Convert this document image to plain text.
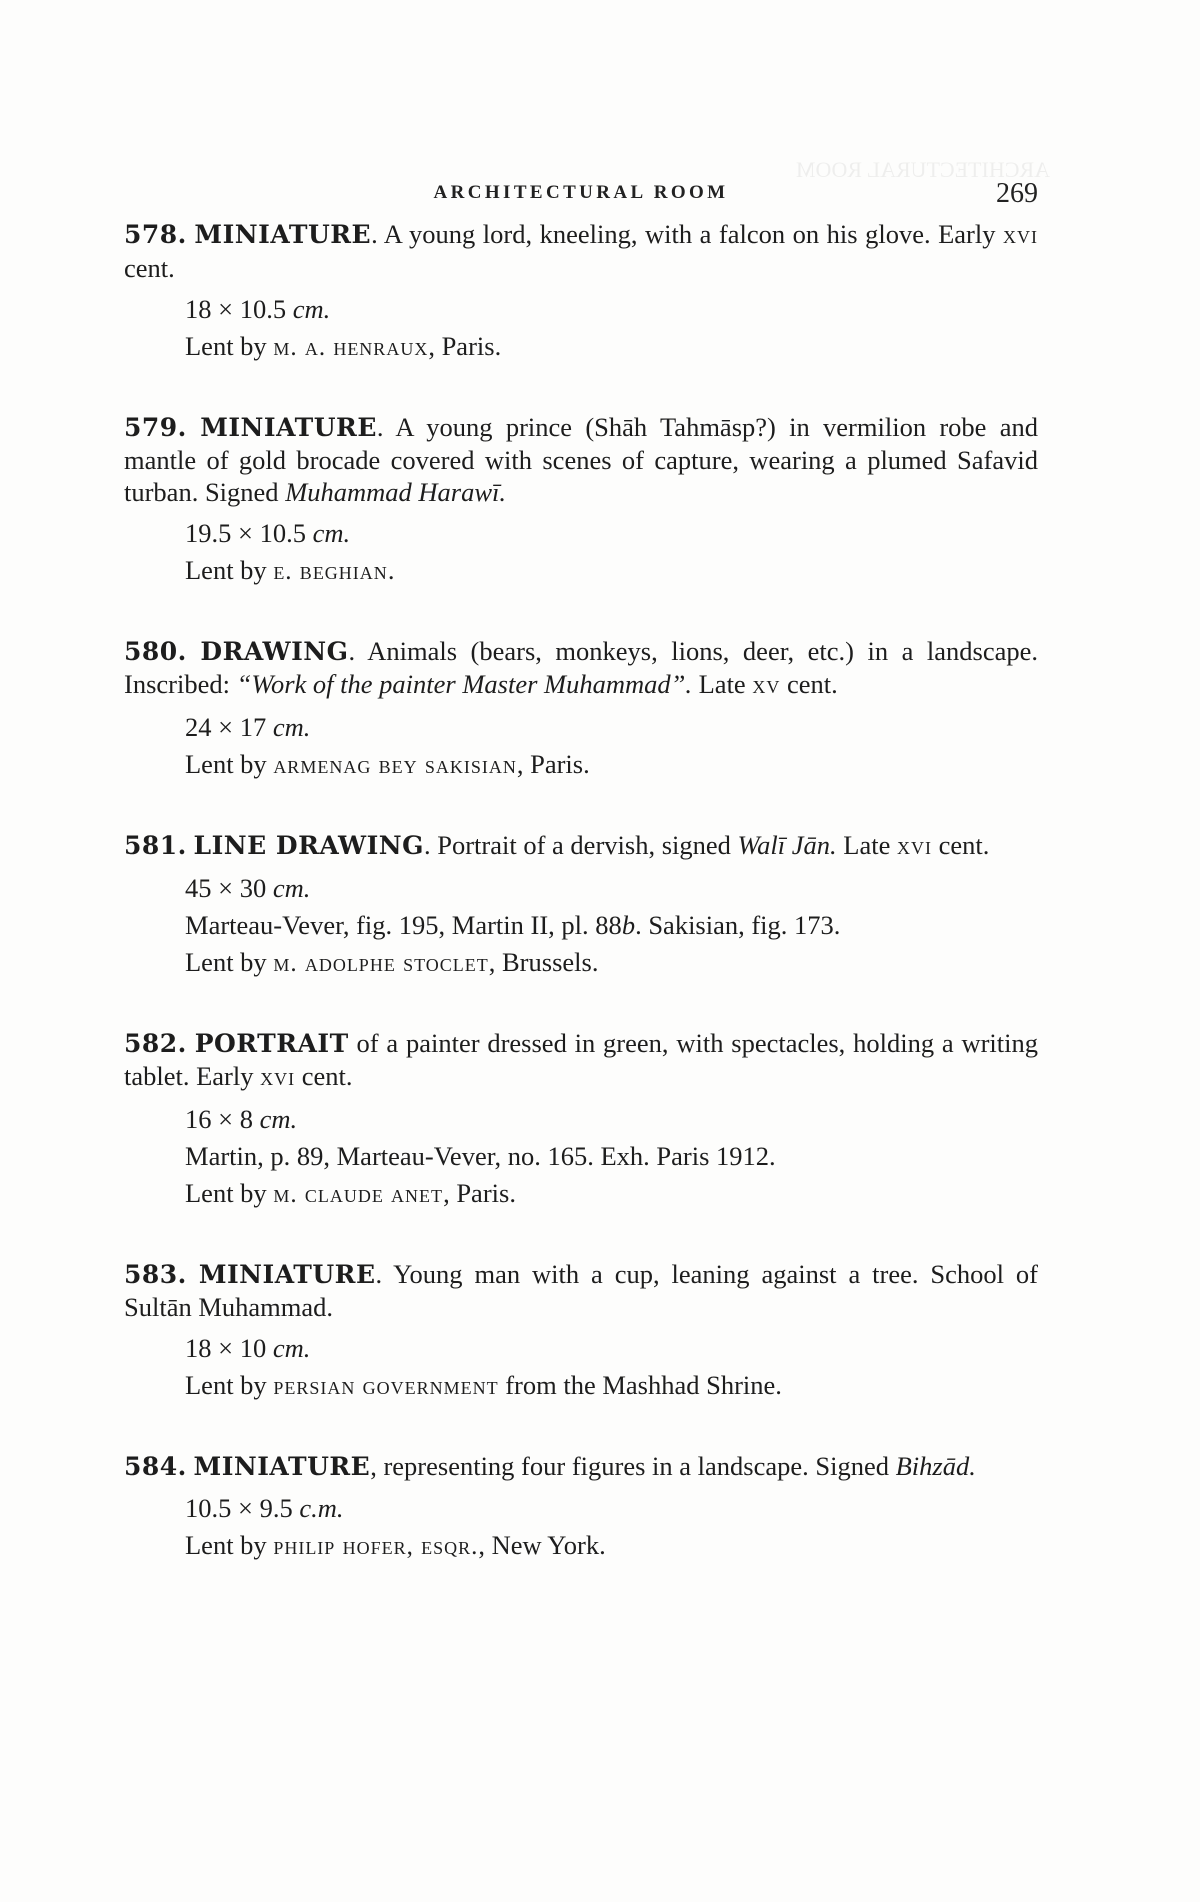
ARCHITECTURAL ROOM
ARCHITECTURAL ROOM	269
578. MINIATURE. A young lord, kneeling, with a falcon on his glove. Early xvi cent.
18 × 10.5 cm.
Lent by m. a. henraux, Paris.
579. MINIATURE. A young prince (Shāh Tahmāsp?) in vermilion robe and mantle of gold brocade covered with scenes of capture, wearing a plumed Safavid turban. Signed Muhammad Harawī.
19.5 × 10.5 cm.
Lent by e. beghian.
580. DRAWING. Animals (bears, monkeys, lions, deer, etc.) in a landscape. Inscribed: “Work of the painter Master Muhammad”. Late xv cent.
24 × 17 cm.
Lent by armenag bey sakisian, Paris.
581. LINE DRAWING. Portrait of a dervish, signed Walī Jān. Late xvi cent.
45 × 30 cm.
Marteau-Vever, fig. 195, Martin II, pl. 88b. Sakisian, fig. 173.
Lent by m. adolphe stoclet, Brussels.
582. PORTRAIT of a painter dressed in green, with spectacles, holding a writing tablet. Early xvi cent.
16 × 8 cm.
Martin, p. 89, Marteau-Vever, no. 165. Exh. Paris 1912.
Lent by m. claude anet, Paris.
583. MINIATURE. Young man with a cup, leaning against a tree. School of Sultān Muhammad.
18 × 10 cm.
Lent by persian government from the Mashhad Shrine.
584. MINIATURE, representing four figures in a landscape. Signed Bihzād.
10.5 × 9.5 c.m.
Lent by philip hofer, esqr., New York.
